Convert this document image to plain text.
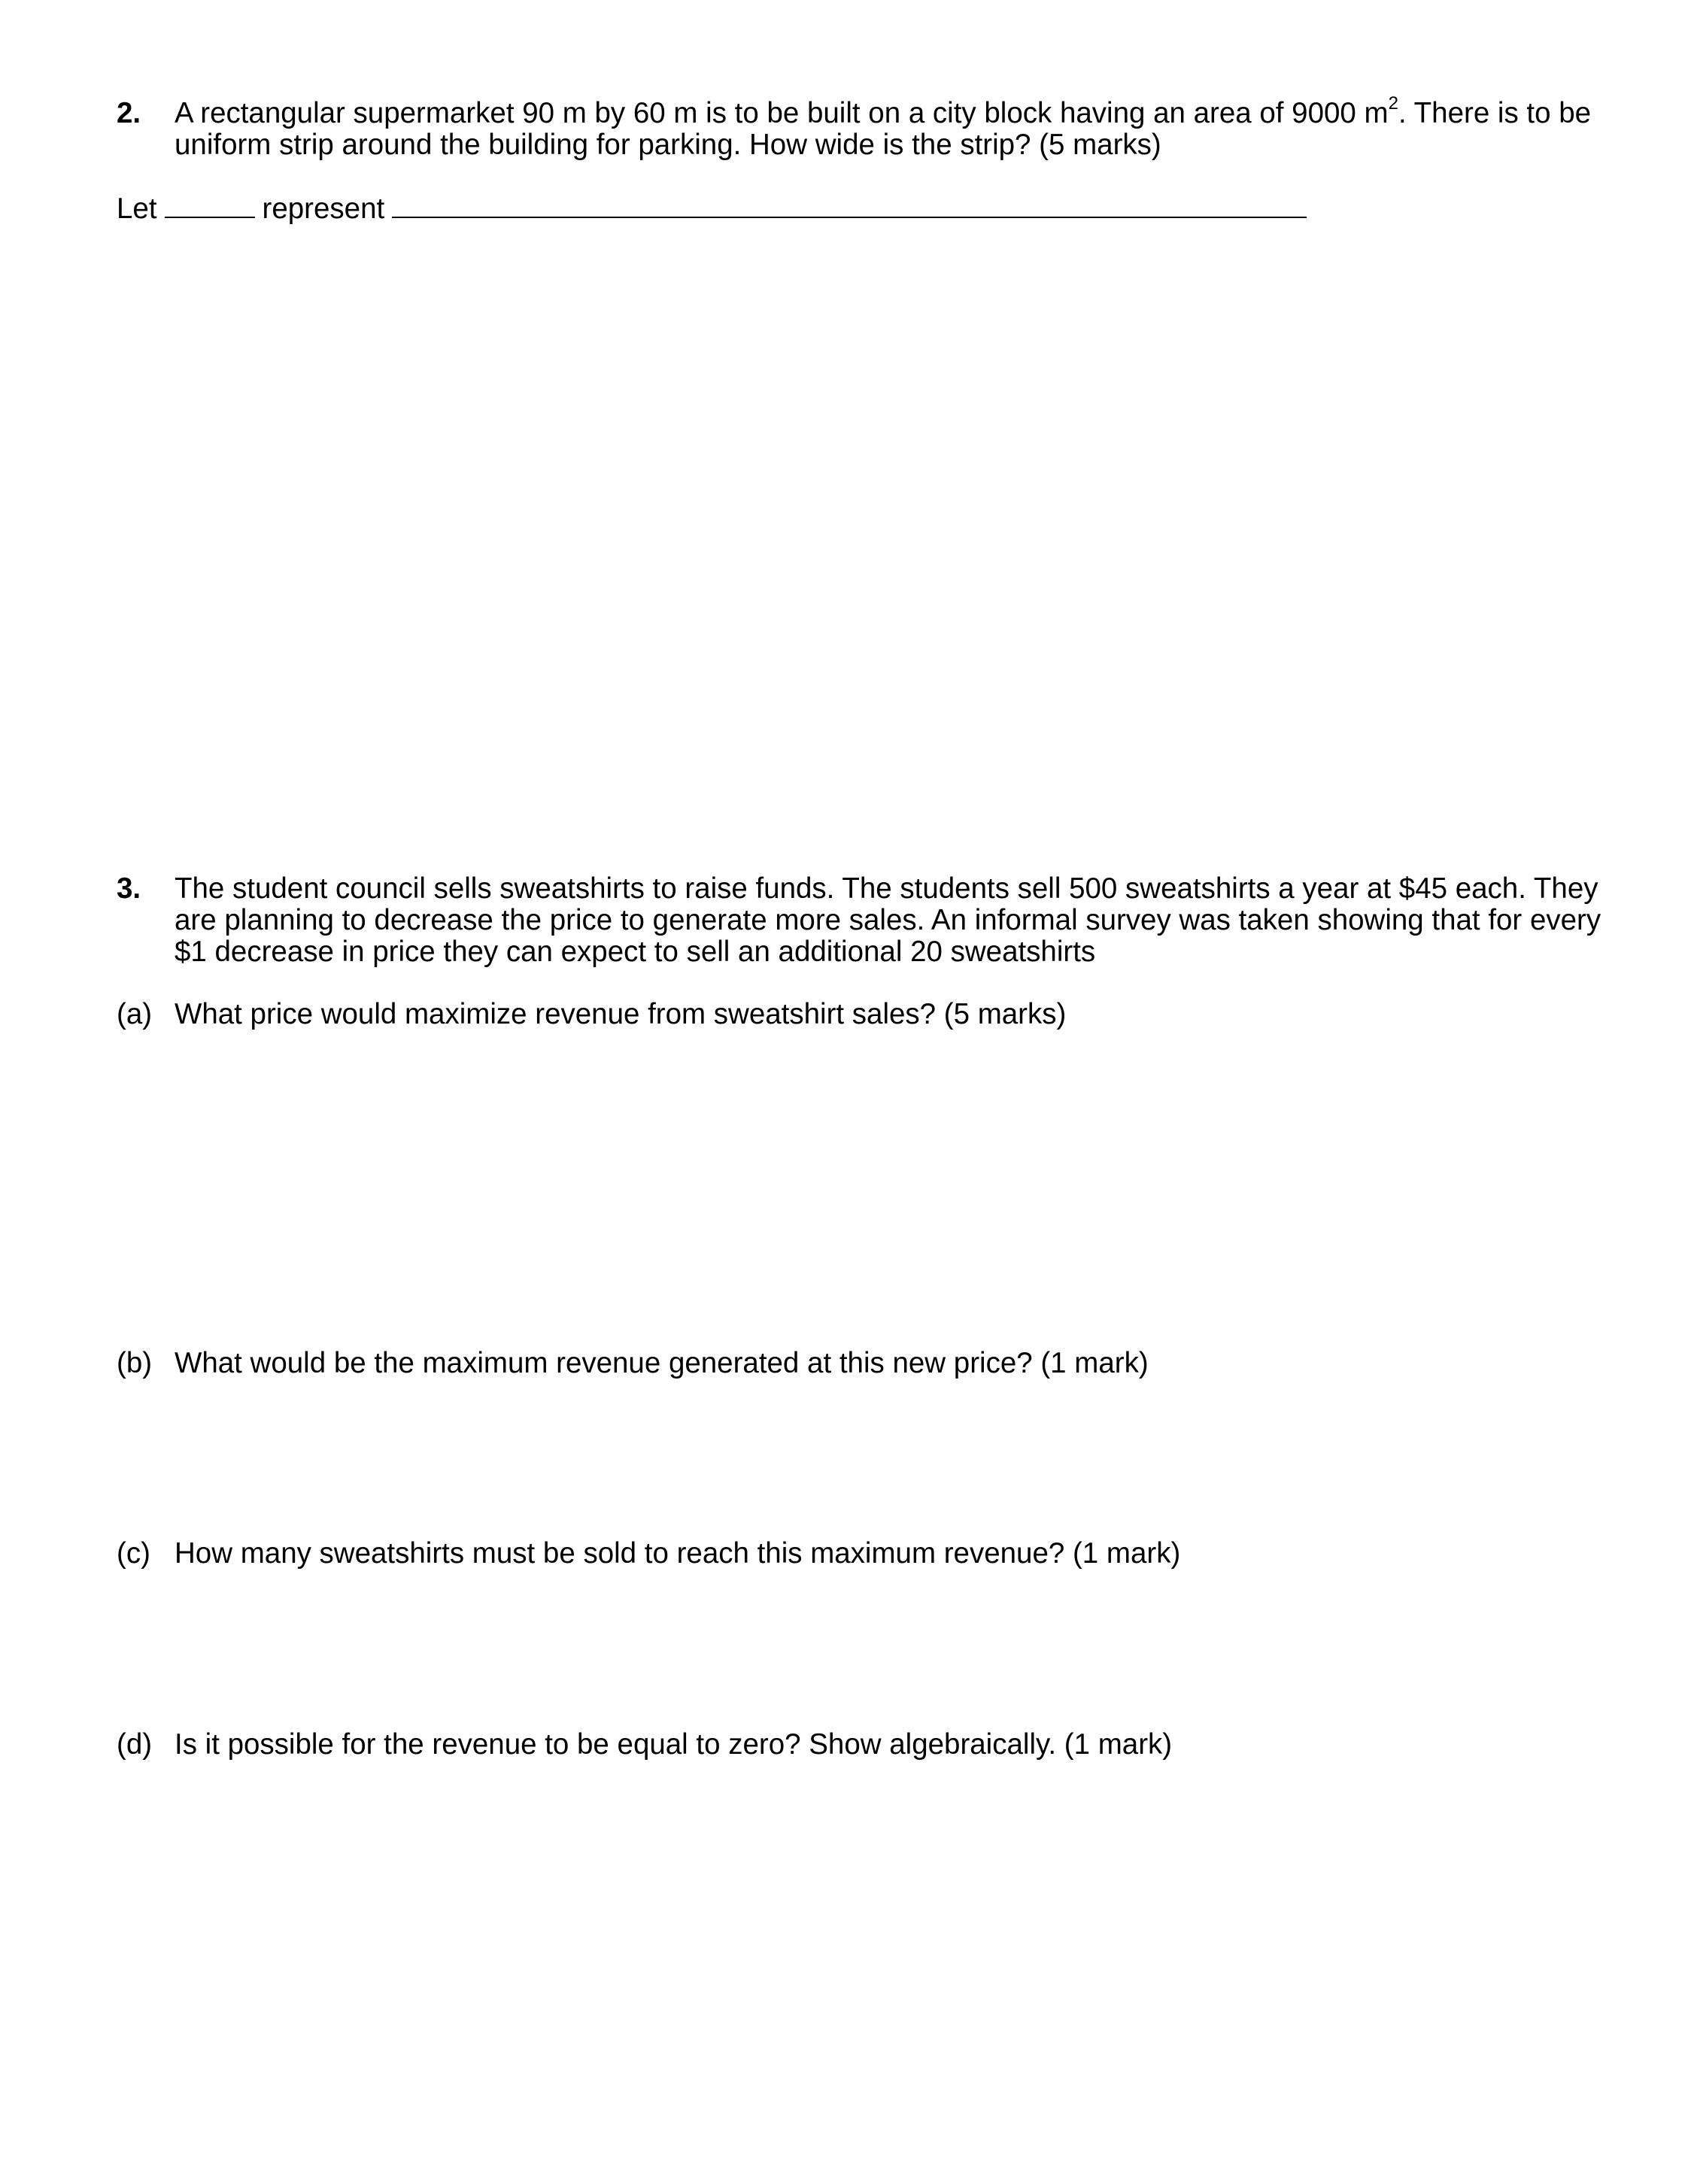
2. A rectangular supermarket 90 m by 60 m is to be built on a city block having an area of 9000 $m^2$. There is to be
uniform strip around the building for parking. How wide is the strip? (5 marks)
Let	represent
3. The student council sells sweatshirts to raise funds. The students sell 500 sweatshirts a year at $45 each. They
are planning to decrease the price to generate more sales. An informal survey was taken showing that for every
$1 decrease in price they can expect to sell an additional 20 sweatshirts
(a) What price would maximize revenue from sweatshirt sales? (5 marks)
(b) What would be the maximum revenue generated at this new price? (1 mark)
(c) How many sweatshirts must be sold to reach this maximum revenue? (1 mark)
(d) Is it possible for the revenue to be equal to zero? Show algebraically. (1 mark)
